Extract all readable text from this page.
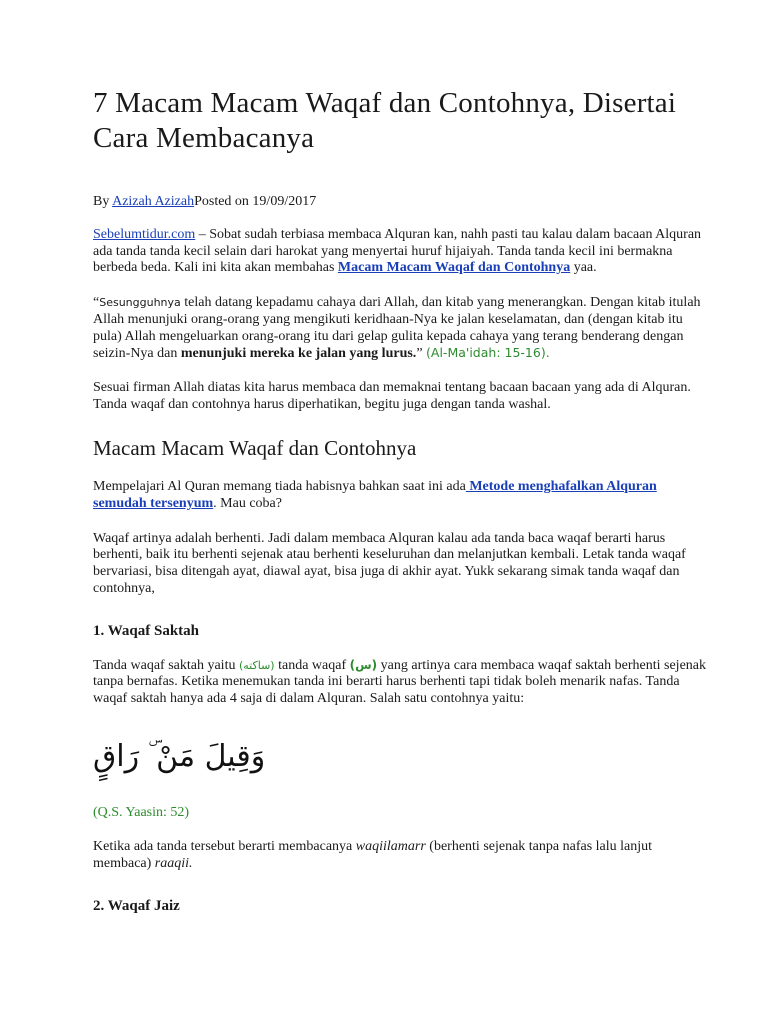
7 Macam Macam Waqaf dan Contohnya, Disertai Cara Membacanya
By Azizah AzizahPosted on 19/09/2017

Sebelumtidur.com – Sobat sudah terbiasa membaca Alquran kan, nahh pasti tau kalau dalam bacaan Alquran ada tanda tanda kecil selain dari harokat yang menyertai huruf hijaiyah. Tanda tanda kecil ini bermakna berbeda beda. Kali ini kita akan membahas Macam Macam Waqaf dan Contohnya yaa.

“Sesungguhnya telah datang kepadamu cahaya dari Allah, dan kitab yang menerangkan. Dengan kitab itulah Allah menunjuki orang-orang yang mengikuti keridhaan-Nya ke jalan keselamatan, dan (dengan kitab itu pula) Allah mengeluarkan orang-orang itu dari gelap gulita kepada cahaya yang terang benderang dengan seizin-Nya dan menunjuki mereka ke jalan yang lurus.” (Al-Ma'idah: 15-16).

Sesuai firman Allah diatas kita harus membaca dan memaknai tentang bacaan bacaan yang ada di Alquran. Tanda waqaf dan contohnya harus diperhatikan, begitu juga dengan tanda washal.

Macam Macam Waqaf dan Contohnya

Mempelajari Al Quran memang tiada habisnya bahkan saat ini ada Metode menghafalkan Alquran semudah tersenyum. Mau coba?

Waqaf artinya adalah berhenti. Jadi dalam membaca Alquran kalau ada tanda baca waqaf berarti harus berhenti, baik itu berhenti sejenak atau berhenti keseluruhan dan melanjutkan kembali. Letak tanda waqaf bervariasi, bisa ditengah ayat, diawal ayat, bisa juga di akhir ayat. Yukk sekarang simak tanda waqaf dan contohnya,

1. Waqaf Saktah

Tanda waqaf saktah yaitu (ساكته) tanda waqaf (س) yang artinya cara membaca waqaf saktah berhenti sejenak tanpa bernafas. Ketika menemukan tanda ini berarti harus berhenti tapi tidak boleh menarik nafas. Tanda waqaf saktah hanya ada 4 saja di dalam Alquran. Salah satu contohnya yaitu:

وَقِيلَ مَنْ ۜ رَاقٍ

(Q.S. Yaasin: 52)

Ketika ada tanda tersebut berarti membacanya waqiilamarr (berhenti sejenak tanpa nafas lalu lanjut membaca) raaqii.

2. Waqaf Jaiz
